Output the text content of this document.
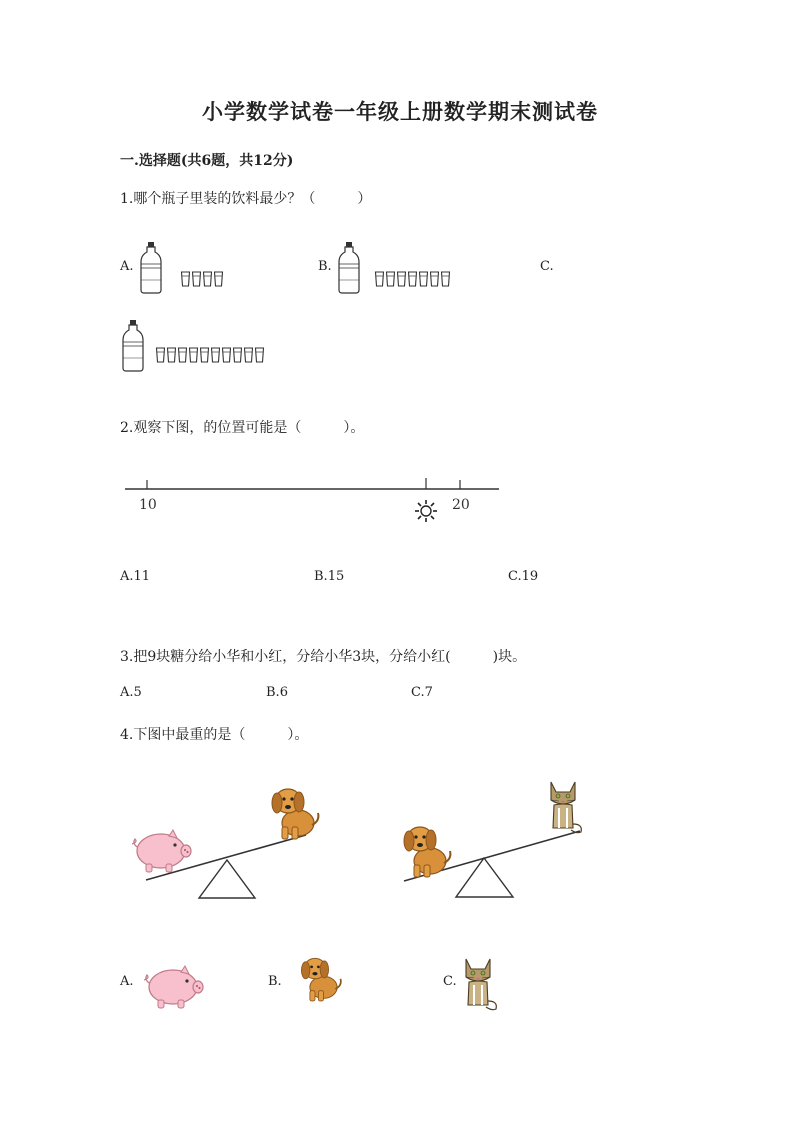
小学数学试卷一年级上册数学期末测试卷
一.选择题(共6题，共12分)
1.哪个瓶子里装的饮料最少？（　　　）
A.	B.	C.
2.观察下图，的位置可能是（　　　）。
10	20
A.11	B.15	C.19
3.把9块糖分给小华和小红，分给小华3块，分给小红(　　　)块。
A.5	B.6	C.7
4.下图中最重的是（　　　）。
A.	B.	C.
